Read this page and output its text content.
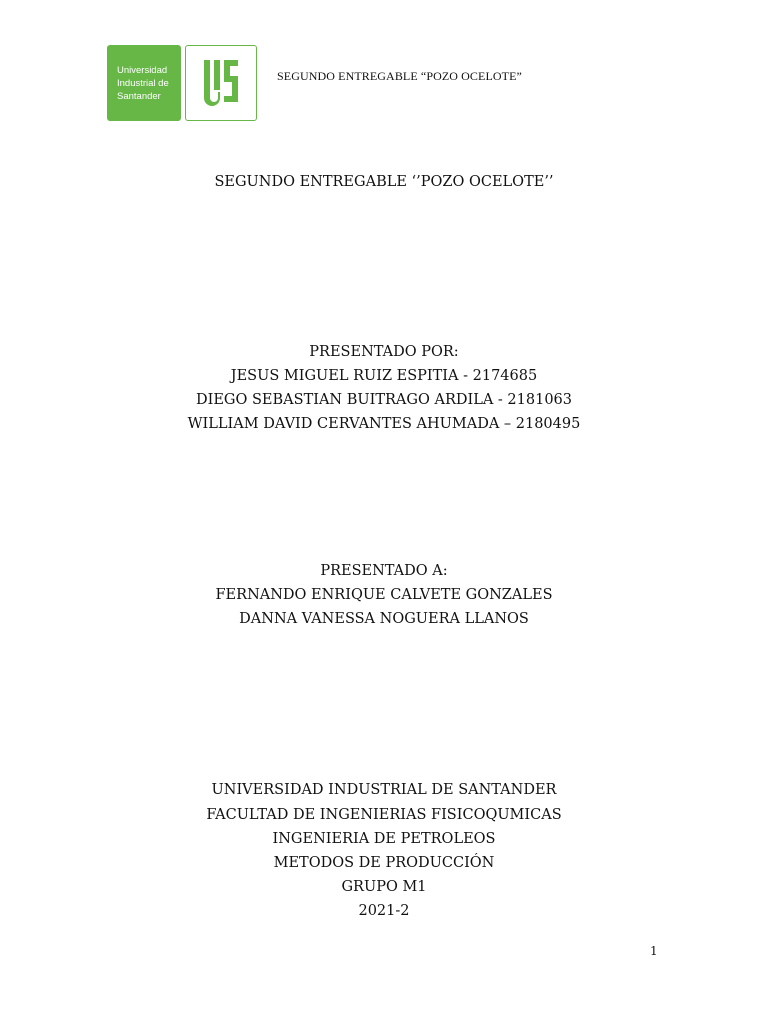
Universidad
Industrial de
Santander
SEGUNDO ENTREGABLE “POZO OCELOTE”
SEGUNDO ENTREGABLE ‘’POZO OCELOTE’’
PRESENTADO POR:
JESUS MIGUEL RUIZ ESPITIA - 2174685
DIEGO SEBASTIAN BUITRAGO ARDILA - 2181063
WILLIAM DAVID CERVANTES AHUMADA – 2180495
PRESENTADO A:
FERNANDO ENRIQUE CALVETE GONZALES
DANNA VANESSA NOGUERA LLANOS
UNIVERSIDAD INDUSTRIAL DE SANTANDER
FACULTAD DE INGENIERIAS FISICOQUMICAS
INGENIERIA DE PETROLEOS
METODOS DE PRODUCCIÓN
GRUPO M1
2021-2
1
